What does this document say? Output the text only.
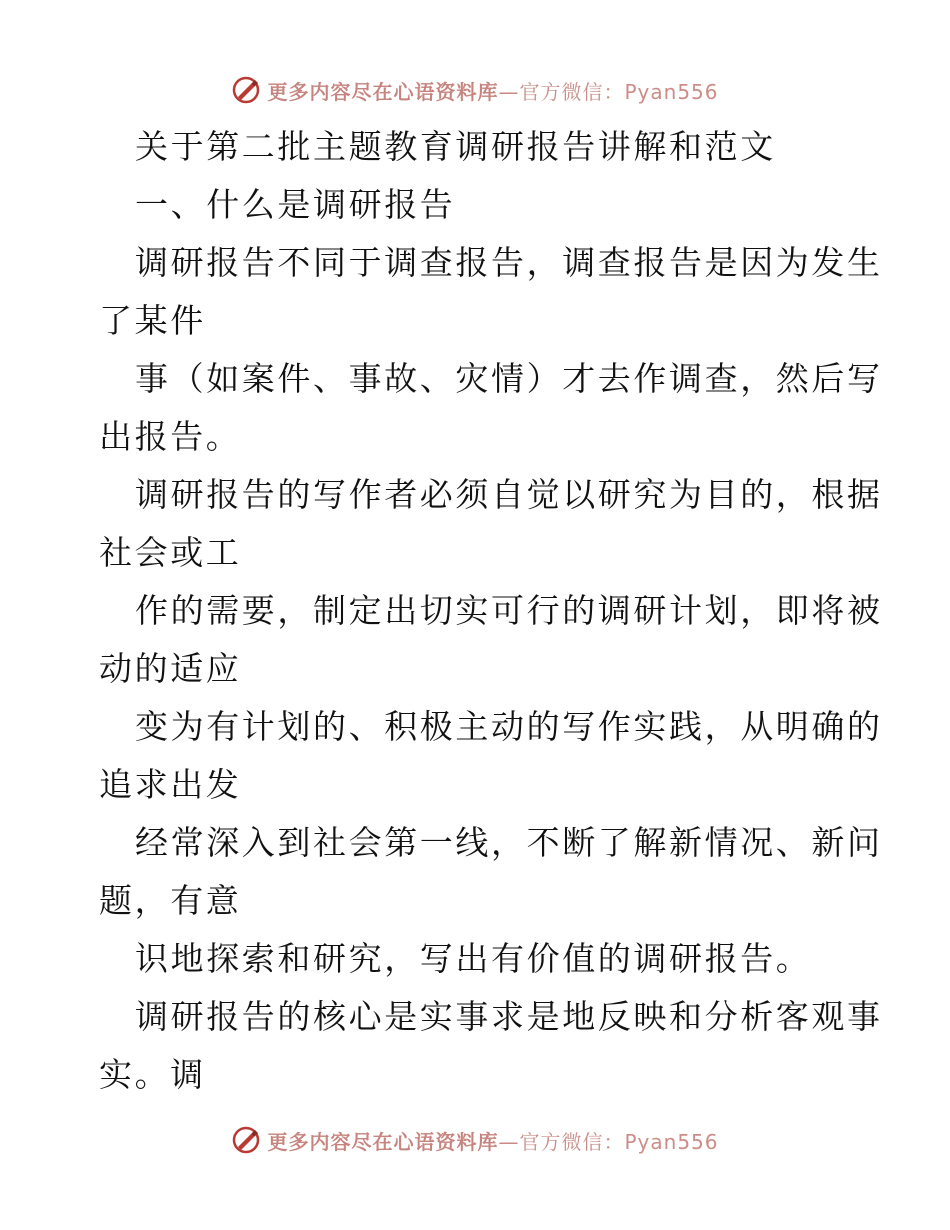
更多内容尽在心语资料库—官方微信：Pyan556
关于第二批主题教育调研报告讲解和范文
一、什么是调研报告
调研报告不同于调查报告，调查报告是因为发生
了某件
事（如案件、事故、灾情）才去作调查，然后写
出报告。
调研报告的写作者必须自觉以研究为目的，根据
社会或工
作的需要，制定出切实可行的调研计划，即将被
动的适应
变为有计划的、积极主动的写作实践，从明确的
追求出发
经常深入到社会第一线，不断了解新情况、新问
题，有意
识地探索和研究，写出有价值的调研报告。
调研报告的核心是实事求是地反映和分析客观事
实。调
更多内容尽在心语资料库—官方微信：Pyan556
